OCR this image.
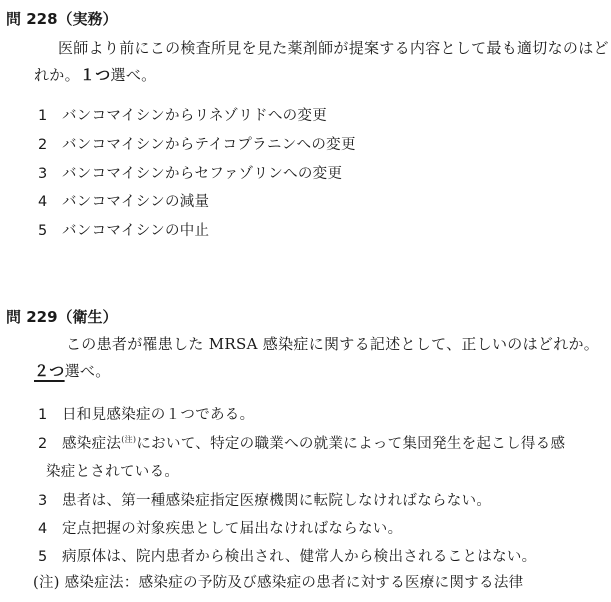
問 228（実務）
医師より前にこの検査所見を見た薬剤師が提案する内容として最も適切なのはど
れか。１つ選べ。
1 バンコマイシンからリネゾリドへの変更
2 バンコマイシンからテイコプラニンへの変更
3 バンコマイシンからセファゾリンへの変更
4 バンコマイシンの減量
5 バンコマイシンの中止
問 229（衛生）
この患者が罹患した MRSA 感染症に関する記述として、正しいのはどれか。
２つ選べ。
1 日和見感染症の１つである。
2 感染症法$^{(注)}$において、特定の職業への就業によって集団発生を起こし得る感
染症とされている。
3 患者は、第一種感染症指定医療機関に転院しなければならない。
4 定点把握の対象疾患として届出なければならない。
5 病原体は、院内患者から検出され、健常人から検出されることはない。
(注) 感染症法：感染症の予防及び感染症の患者に対する医療に関する法律
